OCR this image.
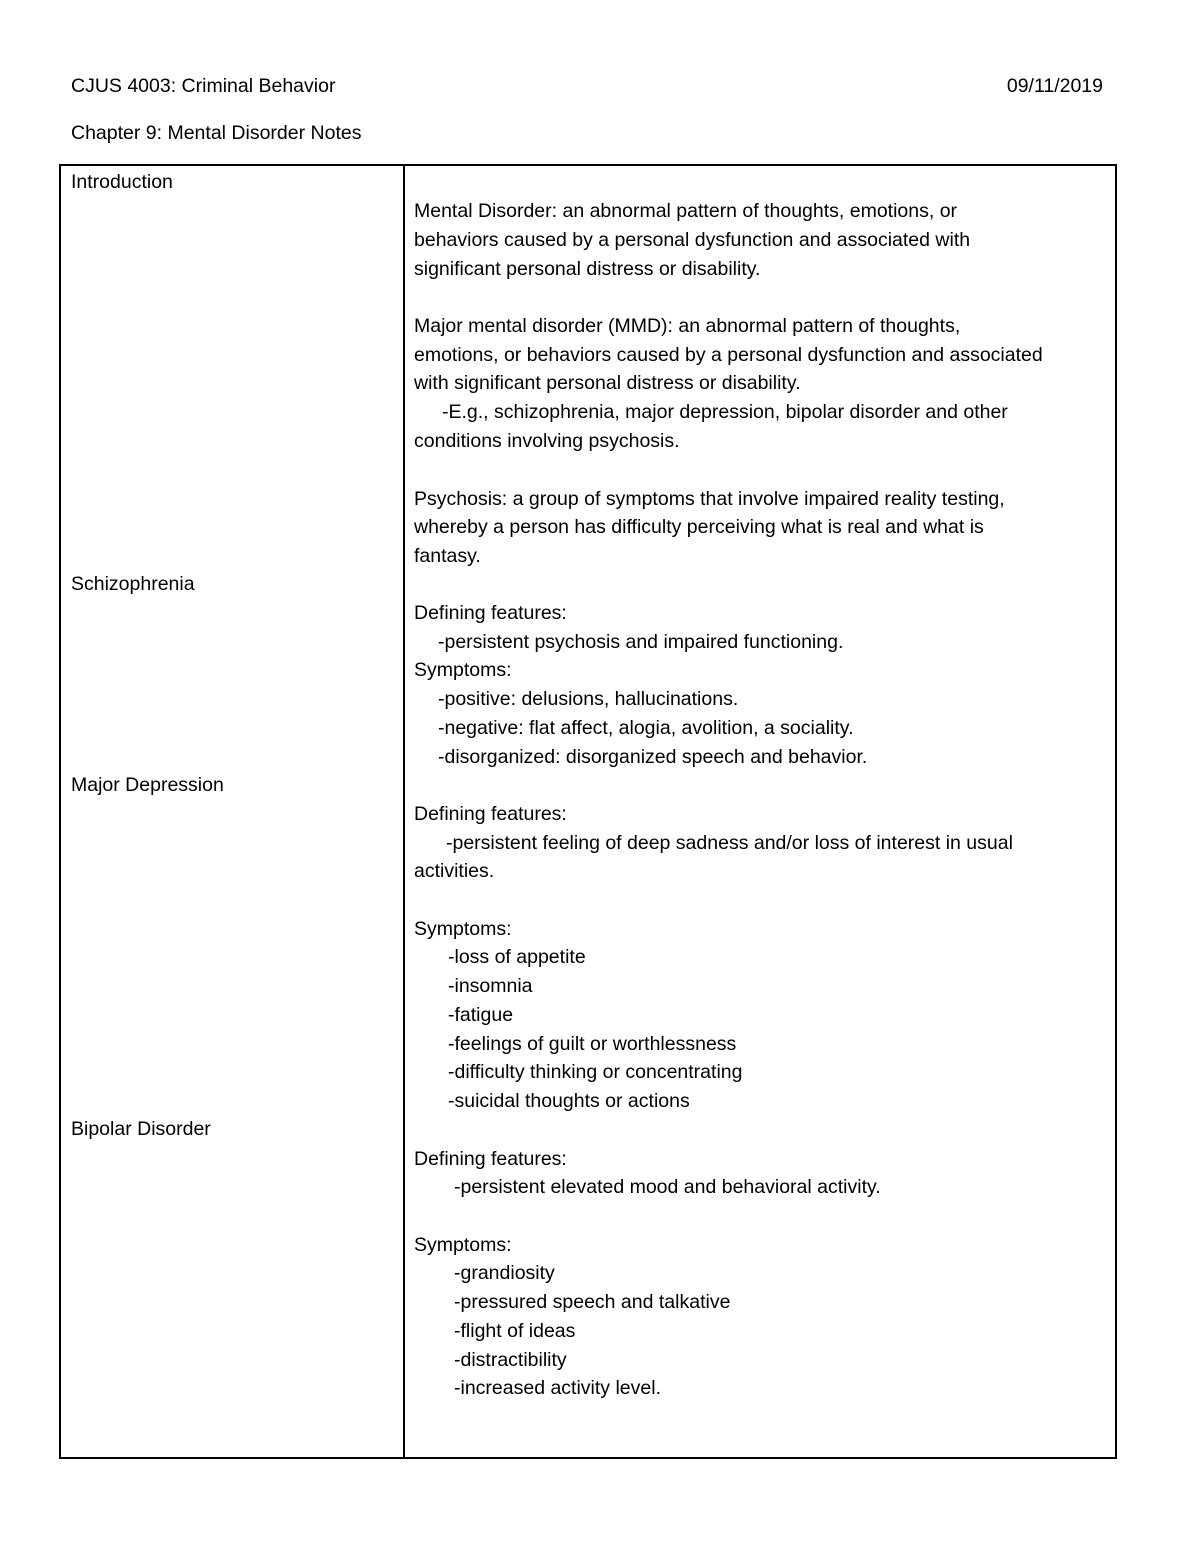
CJUS 4003: Criminal Behavior	09/11/2019
Chapter 9: Mental Disorder Notes
Introduction
Schizophrenia
Major Depression
Bipolar Disorder
Mental Disorder: an abnormal pattern of thoughts, emotions, or
behaviors caused by a personal dysfunction and associated with
significant personal distress or disability.
Major mental disorder (MMD): an abnormal pattern of thoughts,
emotions, or behaviors caused by a personal dysfunction and associated
with significant personal distress or disability.
-E.g., schizophrenia, major depression, bipolar disorder and other
conditions involving psychosis.
Psychosis: a group of symptoms that involve impaired reality testing,
whereby a person has difficulty perceiving what is real and what is
fantasy.
Defining features:
-persistent psychosis and impaired functioning.
Symptoms:
-positive: delusions, hallucinations.
-negative: flat affect, alogia, avolition, a sociality.
-disorganized: disorganized speech and behavior.
Defining features:
-persistent feeling of deep sadness and/or loss of interest in usual
activities.
Symptoms:
-loss of appetite
-insomnia
-fatigue
-feelings of guilt or worthlessness
-difficulty thinking or concentrating
-suicidal thoughts or actions
Defining features:
-persistent elevated mood and behavioral activity.
Symptoms:
-grandiosity
-pressured speech and talkative
-flight of ideas
-distractibility
-increased activity level.
